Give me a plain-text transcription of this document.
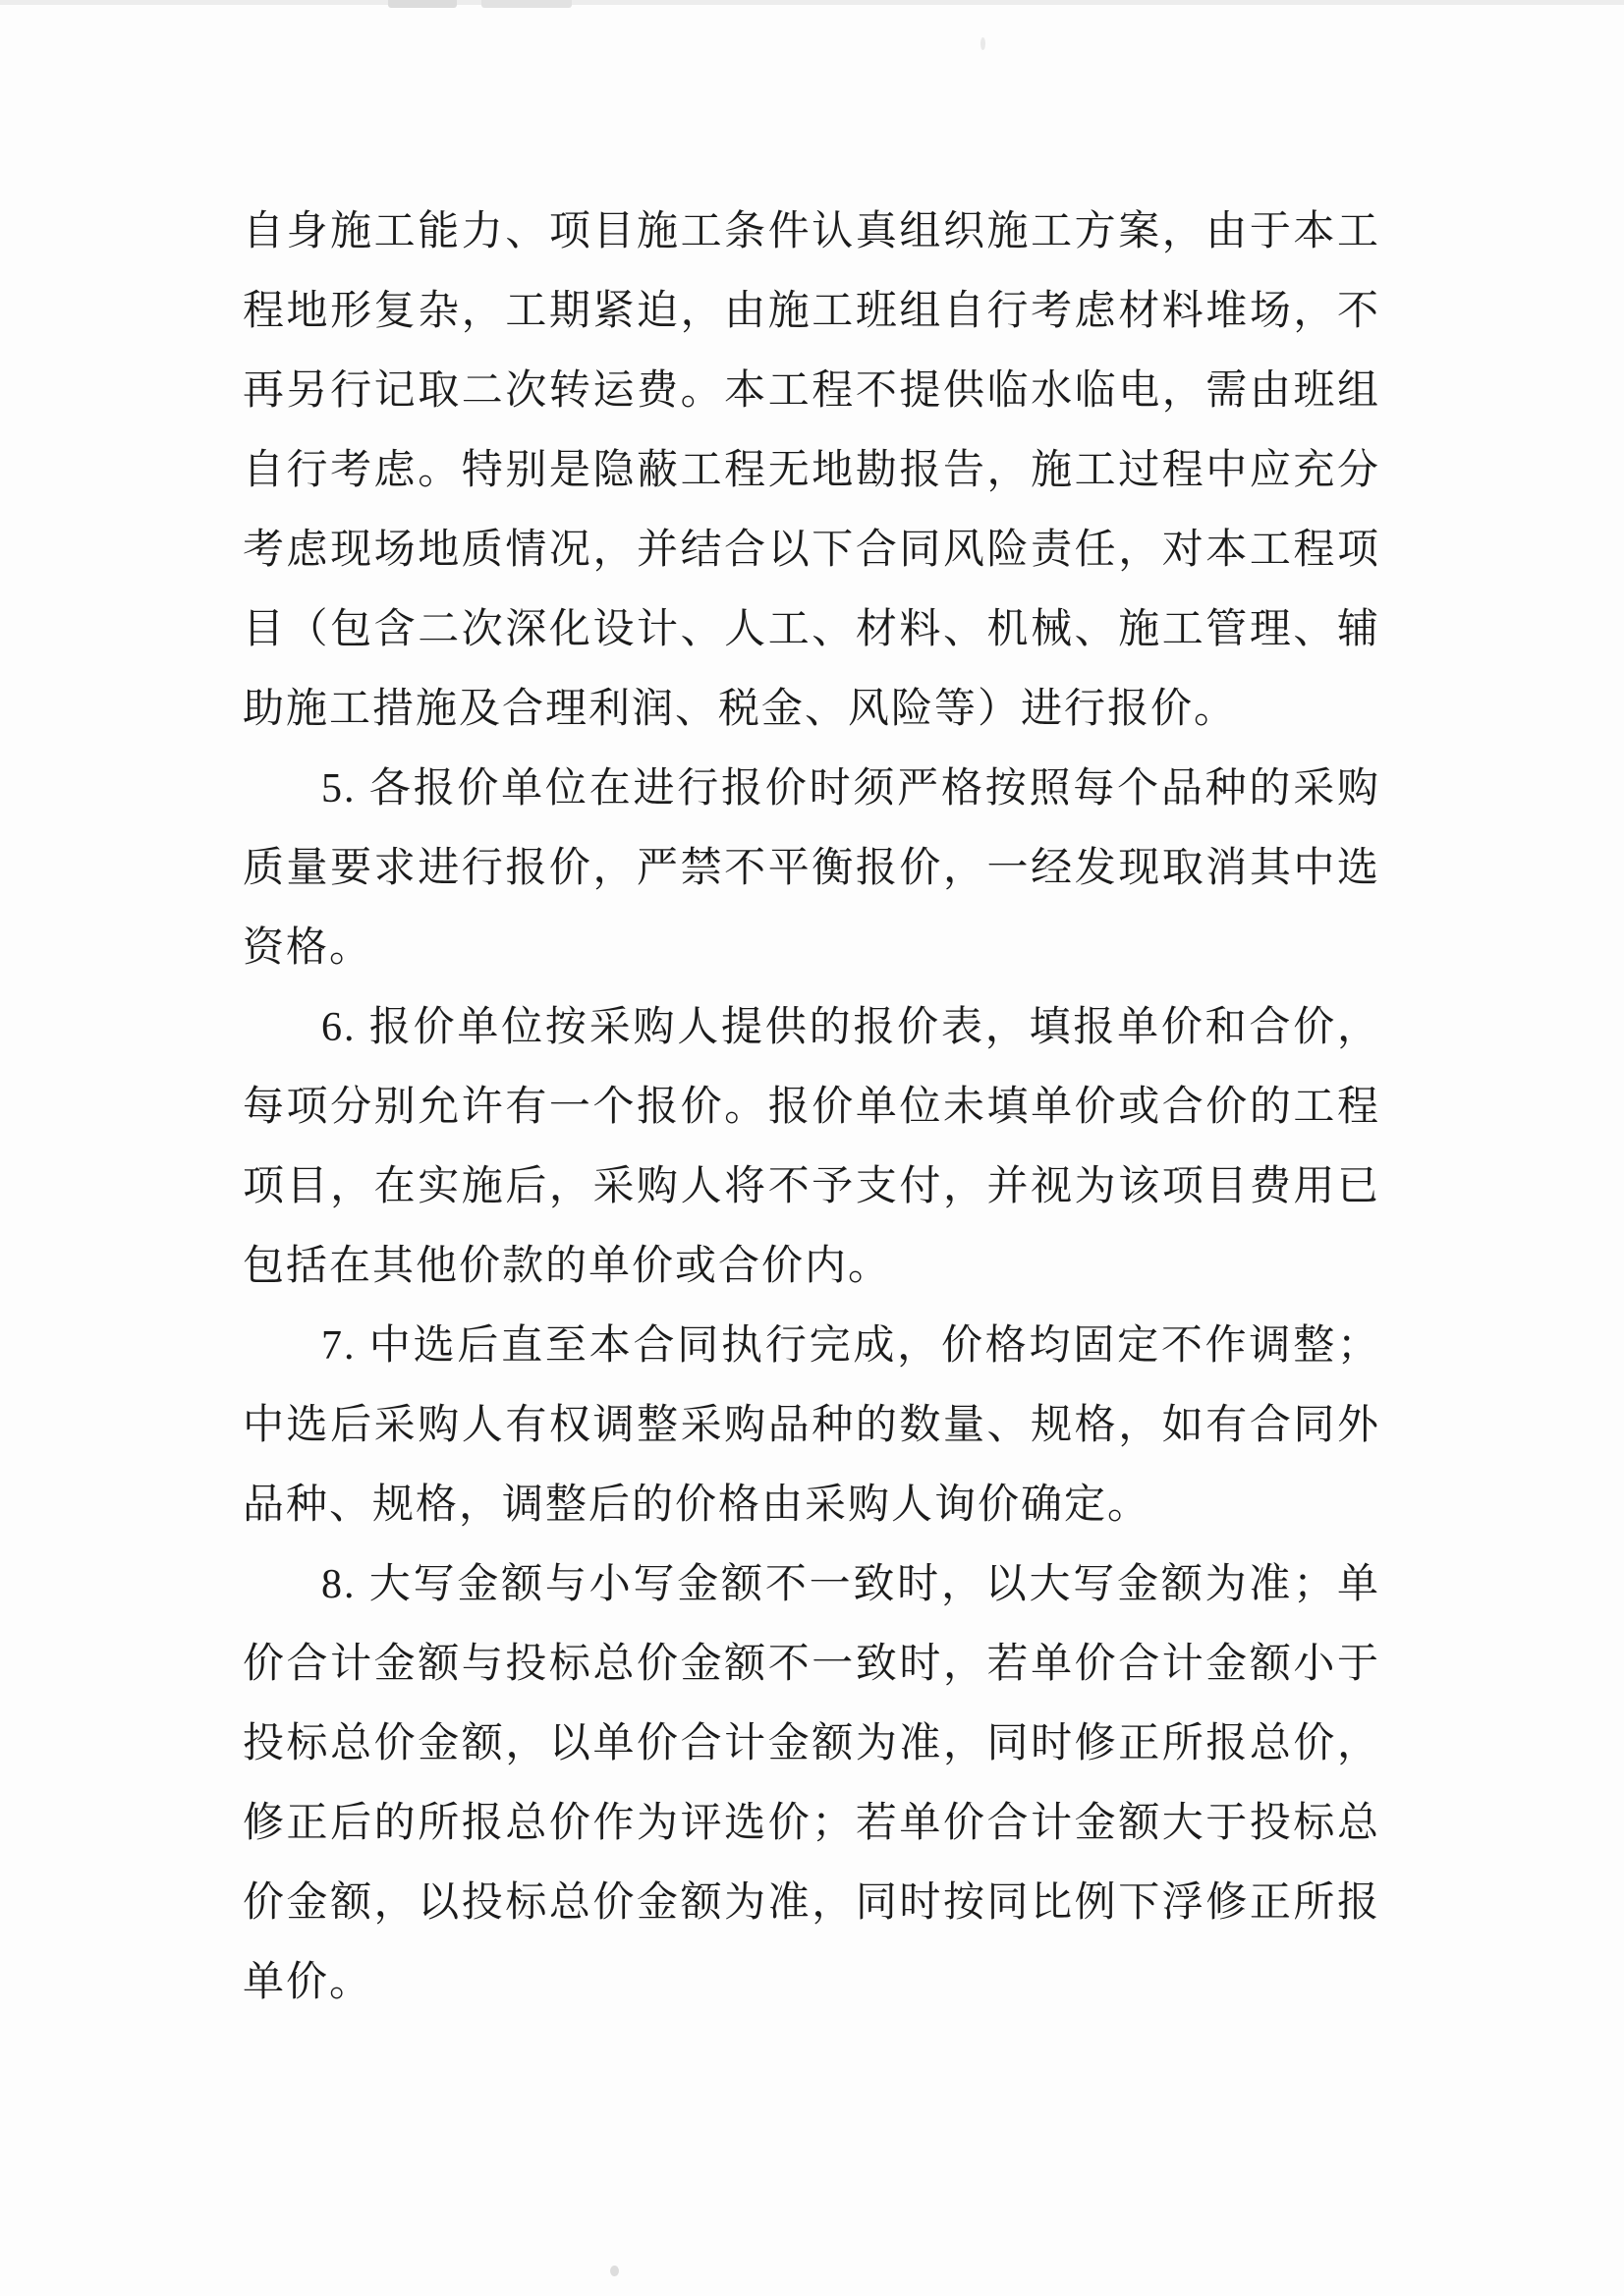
自身施工能力、项目施工条件认真组织施工方案，由于本工
程地形复杂，工期紧迫，由施工班组自行考虑材料堆场，不
再另行记取二次转运费。本工程不提供临水临电，需由班组
自行考虑。特别是隐蔽工程无地勘报告，施工过程中应充分
考虑现场地质情况，并结合以下合同风险责任，对本工程项
目（包含二次深化设计、人工、材料、机械、施工管理、辅
助施工措施及合理利润、税金、风险等）进行报价。
5. 各报价单位在进行报价时须严格按照每个品种的采购
质量要求进行报价，严禁不平衡报价，一经发现取消其中选
资格。
6. 报价单位按采购人提供的报价表，填报单价和合价，
每项分别允许有一个报价。报价单位未填单价或合价的工程
项目，在实施后，采购人将不予支付，并视为该项目费用已
包括在其他价款的单价或合价内。
7. 中选后直至本合同执行完成，价格均固定不作调整；
中选后采购人有权调整采购品种的数量、规格，如有合同外
品种、规格，调整后的价格由采购人询价确定。
8. 大写金额与小写金额不一致时，以大写金额为准；单
价合计金额与投标总价金额不一致时，若单价合计金额小于
投标总价金额，以单价合计金额为准，同时修正所报总价，
修正后的所报总价作为评选价；若单价合计金额大于投标总
价金额，以投标总价金额为准，同时按同比例下浮修正所报
单价。
